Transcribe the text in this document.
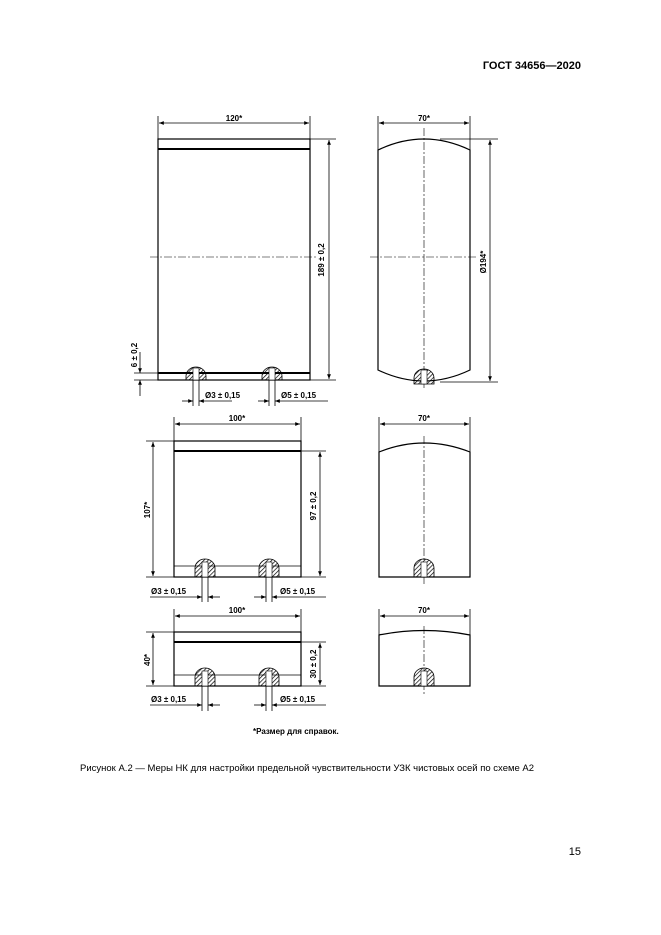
ГОСТ 34656—2020
120*
189 ± 0,2
6 ± 0,2
Ø3 ± 0,15	Ø5 ± 0,15
70*
Ø194*
100*
107*	97 ± 0,2
Ø3 ± 0,15	Ø5 ± 0,15
70*
100*
40*	30 ± 0,2
Ø3 ± 0,15	Ø5 ± 0,15
70*
*Размер для справок.
Рисунок А.2 — Меры НК для настройки предельной чувствительности УЗК чистовых осей по схеме А2
15
